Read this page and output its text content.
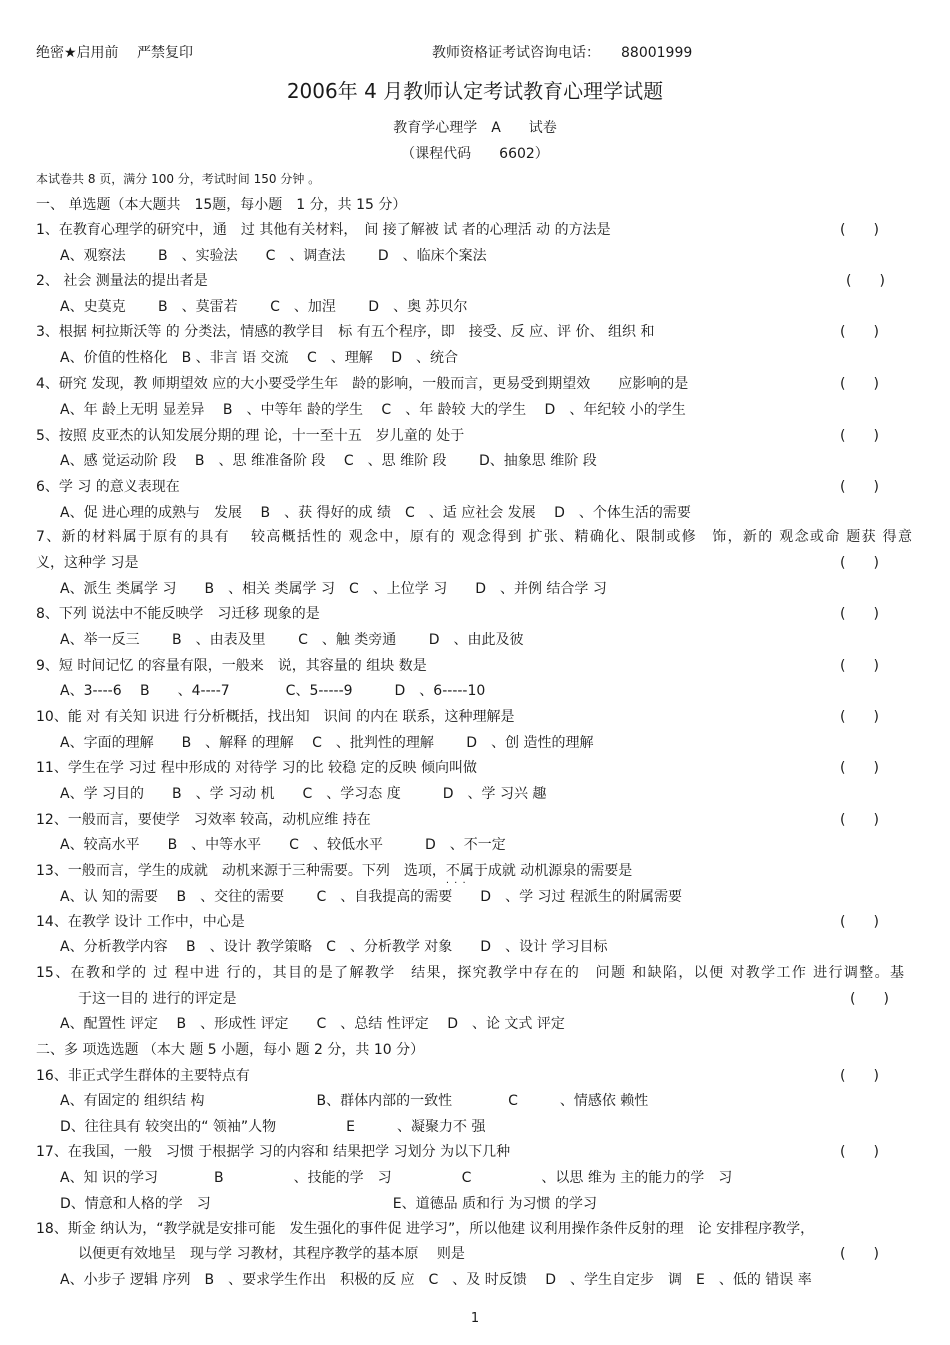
绝密★启用前　 严禁复印	教师资格证考试咨询电话：　　88001999
2006年 4 月教师认定考试教育心理学试题
教育学心理学　A　　试卷
（课程代码　　6602）
本试卷共 8 页，满分 100 分，考试时间 150 分钟 。
一、 单选题（本大题共　15题，每小题　1 分，共 15 分）
1、在教育心理学的研究中，通　过 其他有关材料，　间 接了解被 试 者的心理活 动 的方法是	(　　)
A、观察法　　 B　、实验法　　C　、调查法　　 D　、临床个案法
2、 社会 测量法的提出者是	(　　)
A、史莫克　　 B　、莫雷若　　 C　、加涅　　 D　、奥 苏贝尔
3、根据 柯拉斯沃等 的 分类法，情感的教学目　标 有五个程序，即　接受、反 应、评 价、 组织 和	(　　)
A、价值的性格化　B 、非言 语 交流　 C　、理解　 D　、统合
4、研究 发现，教 师期望效 应的大小要受学生年　龄的影响，一般而言，更易受到期望效　　应影响的是	(　　)
A、年 龄上无明 显差异　 B　、中等年 龄的学生　 C　、年 龄较 大的学生　 D　、年纪较 小的学生
5、按照 皮亚杰的认知发展分期的理 论，十一至十五　岁儿童的 处于	(　　)
A、感 觉运动阶 段　 B　、思 维准备阶 段　 C　、思 维阶 段　　 D、抽象思 维阶 段
6、学 习 的意义表现在	(　　)
A、促 进心理的成熟与　发展　 B　、获 得好的成 绩　C　、适 应社会 发展　 D　、个体生活的需要
7、新的材料属于原有的具有　 较高概括性的 观念中，原有的 观念得到 扩张、精确化、限制或修　饰，新的 观念或命 题获 得意
义，这种学 习是	(　　)
A、派生 类属学 习　　B　、相关 类属学 习　C　、上位学 习　　D　、并例 结合学 习
8、下列 说法中不能反映学　习迁移 现象的是	(　　)
A、举一反三　　 B　、由表及里　　 C　、触 类旁通　　 D　、由此及彼
9、短 时间记忆 的容量有限，一般来　说，其容量的 组块 数是	(　　)
A、3----6　 B　　、4----7　　　　C、5-----9　　　D　、6-----10
10、能 对 有关知 识进 行分析概括，找出知　识间 的内在 联系，这种理解是	(　　)
A、字面的理解　　B　、解释 的理解　 C　、批判性的理解　　 D　、创 造性的理解
11、学生在学 习过 程中形成的 对待学 习的比 较稳 定的反映 倾向叫做	(　　)
A、学 习目的　　B　、学 习动 机　　C　、学习态 度　　　D　、学 习兴 趣
12、一般而言，要使学　习效率 较高，动机应维 持在	(　　)
A、较高水平　　B　、中等水平　　C　、较低水平　　　D　、不一定
13、一般而言，学生的成就　动机来源于三种需要。下列　选项，不属于 · · ·成就 动机源泉的需要是
A、认 知的需要　 B　、交往的需要　　 C　、自我提高的需要　　D　、学 习过 程派生的附属需要
14、在教学 设计 工作中，中心是	(　　)
A、分析教学内容　 B　、设计 教学策略　C　、分析教学 对象　　D　、设计 学习目标
15、在教和学的 过 程中进 行的，其目的是了解教学　结果，探究教学中存在的　问题 和缺陷，以便 对教学工作 进行调整。基
于这一目的 进行的评定是	(　　)
A、配置性 评定　 B　、形成性 评定　　C　、总结 性评定　 D　、论 文式 评定
二、多 项选选题 （本大 题 5 小题，每小 题 2 分，共 10 分）
16、非正式学生群体的主要特点有	(　　)
A、有固定的 组织结 构　　　　　　　　B、群体内部的一致性　　　　C　　　、情感依 赖性
D、往往具有 较突出的“ 领袖”人物　　　　　E　　　、凝聚力不 强
17、在我国，一般　习惯 于根据学 习的内容和 结果把学 习划分 为以下几种	(　　)
A、知 识的学习　　　　B　　　　　、技能的学　习　　　　　C　　　　　、以思 维为 主的能力的学　习
D、情意和人格的学　习　　　　　　　　　　　　　E、道德品 质和行 为习惯 的学习
18、斯金 纳认为，“教学就是安排可能　发生强化的事件促 进学习”，所以他建 议利用操作条件反射的理　论 安排程序教学，
以便更有效地呈　现与学 习教材，其程序教学的基本原　 则是	(　　)
A、小步子 逻辑 序列　B　、要求学生作出　积极的反 应　C　、及 时反馈　 D　、学生自定步　调　E　、低的 错误 率
1
